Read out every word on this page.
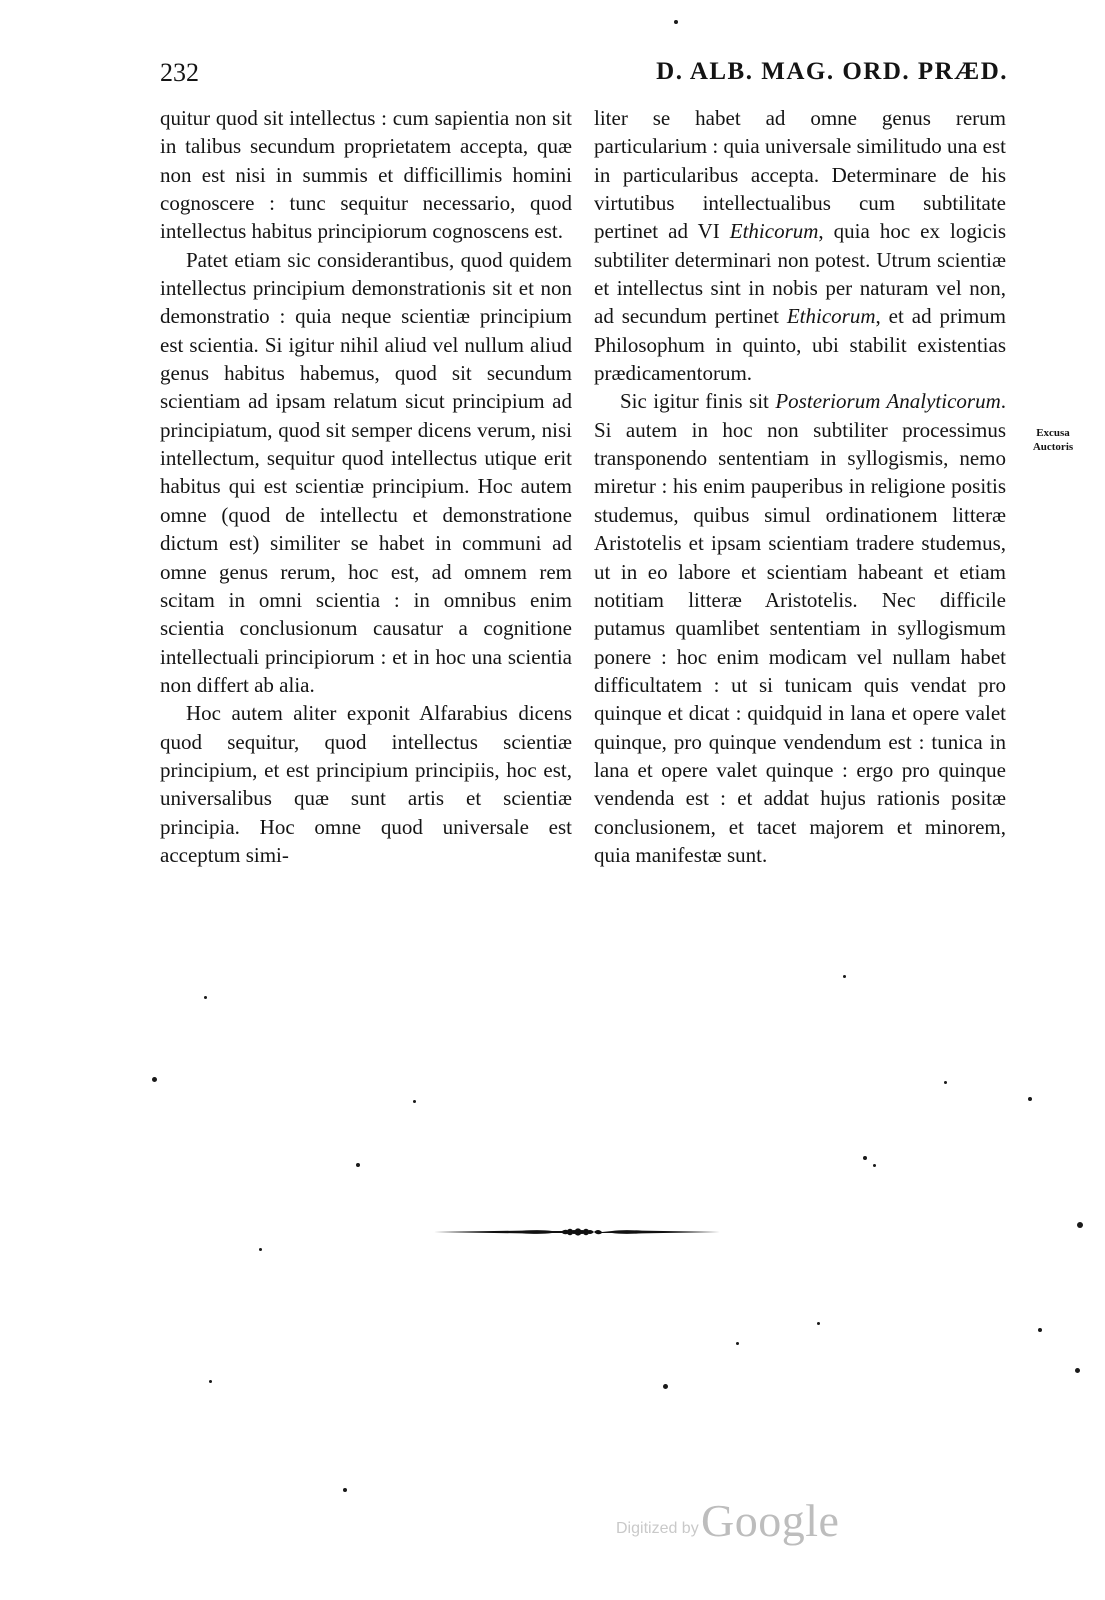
232	D. ALB. MAG. ORD. PRÆD.

quitur quod sit intellectus : cum sapientia non sit in talibus secundum proprietatem accepta, quæ non est nisi in summis et difficillimis homini cognoscere : tunc sequitur necessario, quod intellectus habitus principiorum cognoscens est.

Patet etiam sic considerantibus, quod quidem intellectus principium demonstrationis sit et non demonstratio : quia neque scientiæ principium est scientia. Si igitur nihil aliud vel nullum aliud genus habitus habemus, quod sit secundum scientiam ad ipsam relatum sicut principium ad principiatum, quod sit semper dicens verum, nisi intellectum, sequitur quod intellectus utique erit habitus qui est scientiæ principium. Hoc autem omne (quod de intellectu et demonstratione dictum est) similiter se habet in communi ad omne genus rerum, hoc est, ad omnem rem scitam in omni scientia : in omnibus enim scientia conclusionum causatur a cognitione intellectuali principiorum : et in hoc una scientia non differt ab alia.

Hoc autem aliter exponit Alfarabius dicens quod sequitur, quod intellectus scientiæ principium, et est principium principiis, hoc est, universalibus quæ sunt artis et scientiæ principia. Hoc omne quod universale est acceptum simi-

liter se habet ad omne genus rerum particularium : quia universale similitudo una est in particularibus accepta. Determinare de his virtutibus intellectualibus cum subtilitate pertinet ad VI Ethicorum, quia hoc ex logicis subtiliter determinari non potest. Utrum scientiæ et intellectus sint in nobis per naturam vel non, ad secundum pertinet Ethicorum, et ad primum Philosophum in quinto, ubi stabilit existentias prædicamentorum.

Sic igitur finis sit Posteriorum Analyticorum. Si autem in hoc non subtiliter processimus transponendo sententiam in syllogismis, nemo miretur : his enim pauperibus in religione positis studemus, quibus simul ordinationem litteræ Aristotelis et ipsam scientiam tradere studemus, ut in eo labore et scientiam habeant et etiam notitiam litteræ Aristotelis. Nec difficile putamus quamlibet sententiam in syllogismum ponere : hoc enim modicam vel nullam habet difficultatem : ut si tunicam quis vendat pro quinque et dicat : quidquid in lana et opere valet quinque, pro quinque vendendum est : tunica in lana et opere valet quinque : ergo pro quinque vendenda est : et addat hujus rationis positæ conclusionem, et tacet majorem et minorem, quia manifestæ sunt.

Excusa
Auctoris
Digitized by Google
